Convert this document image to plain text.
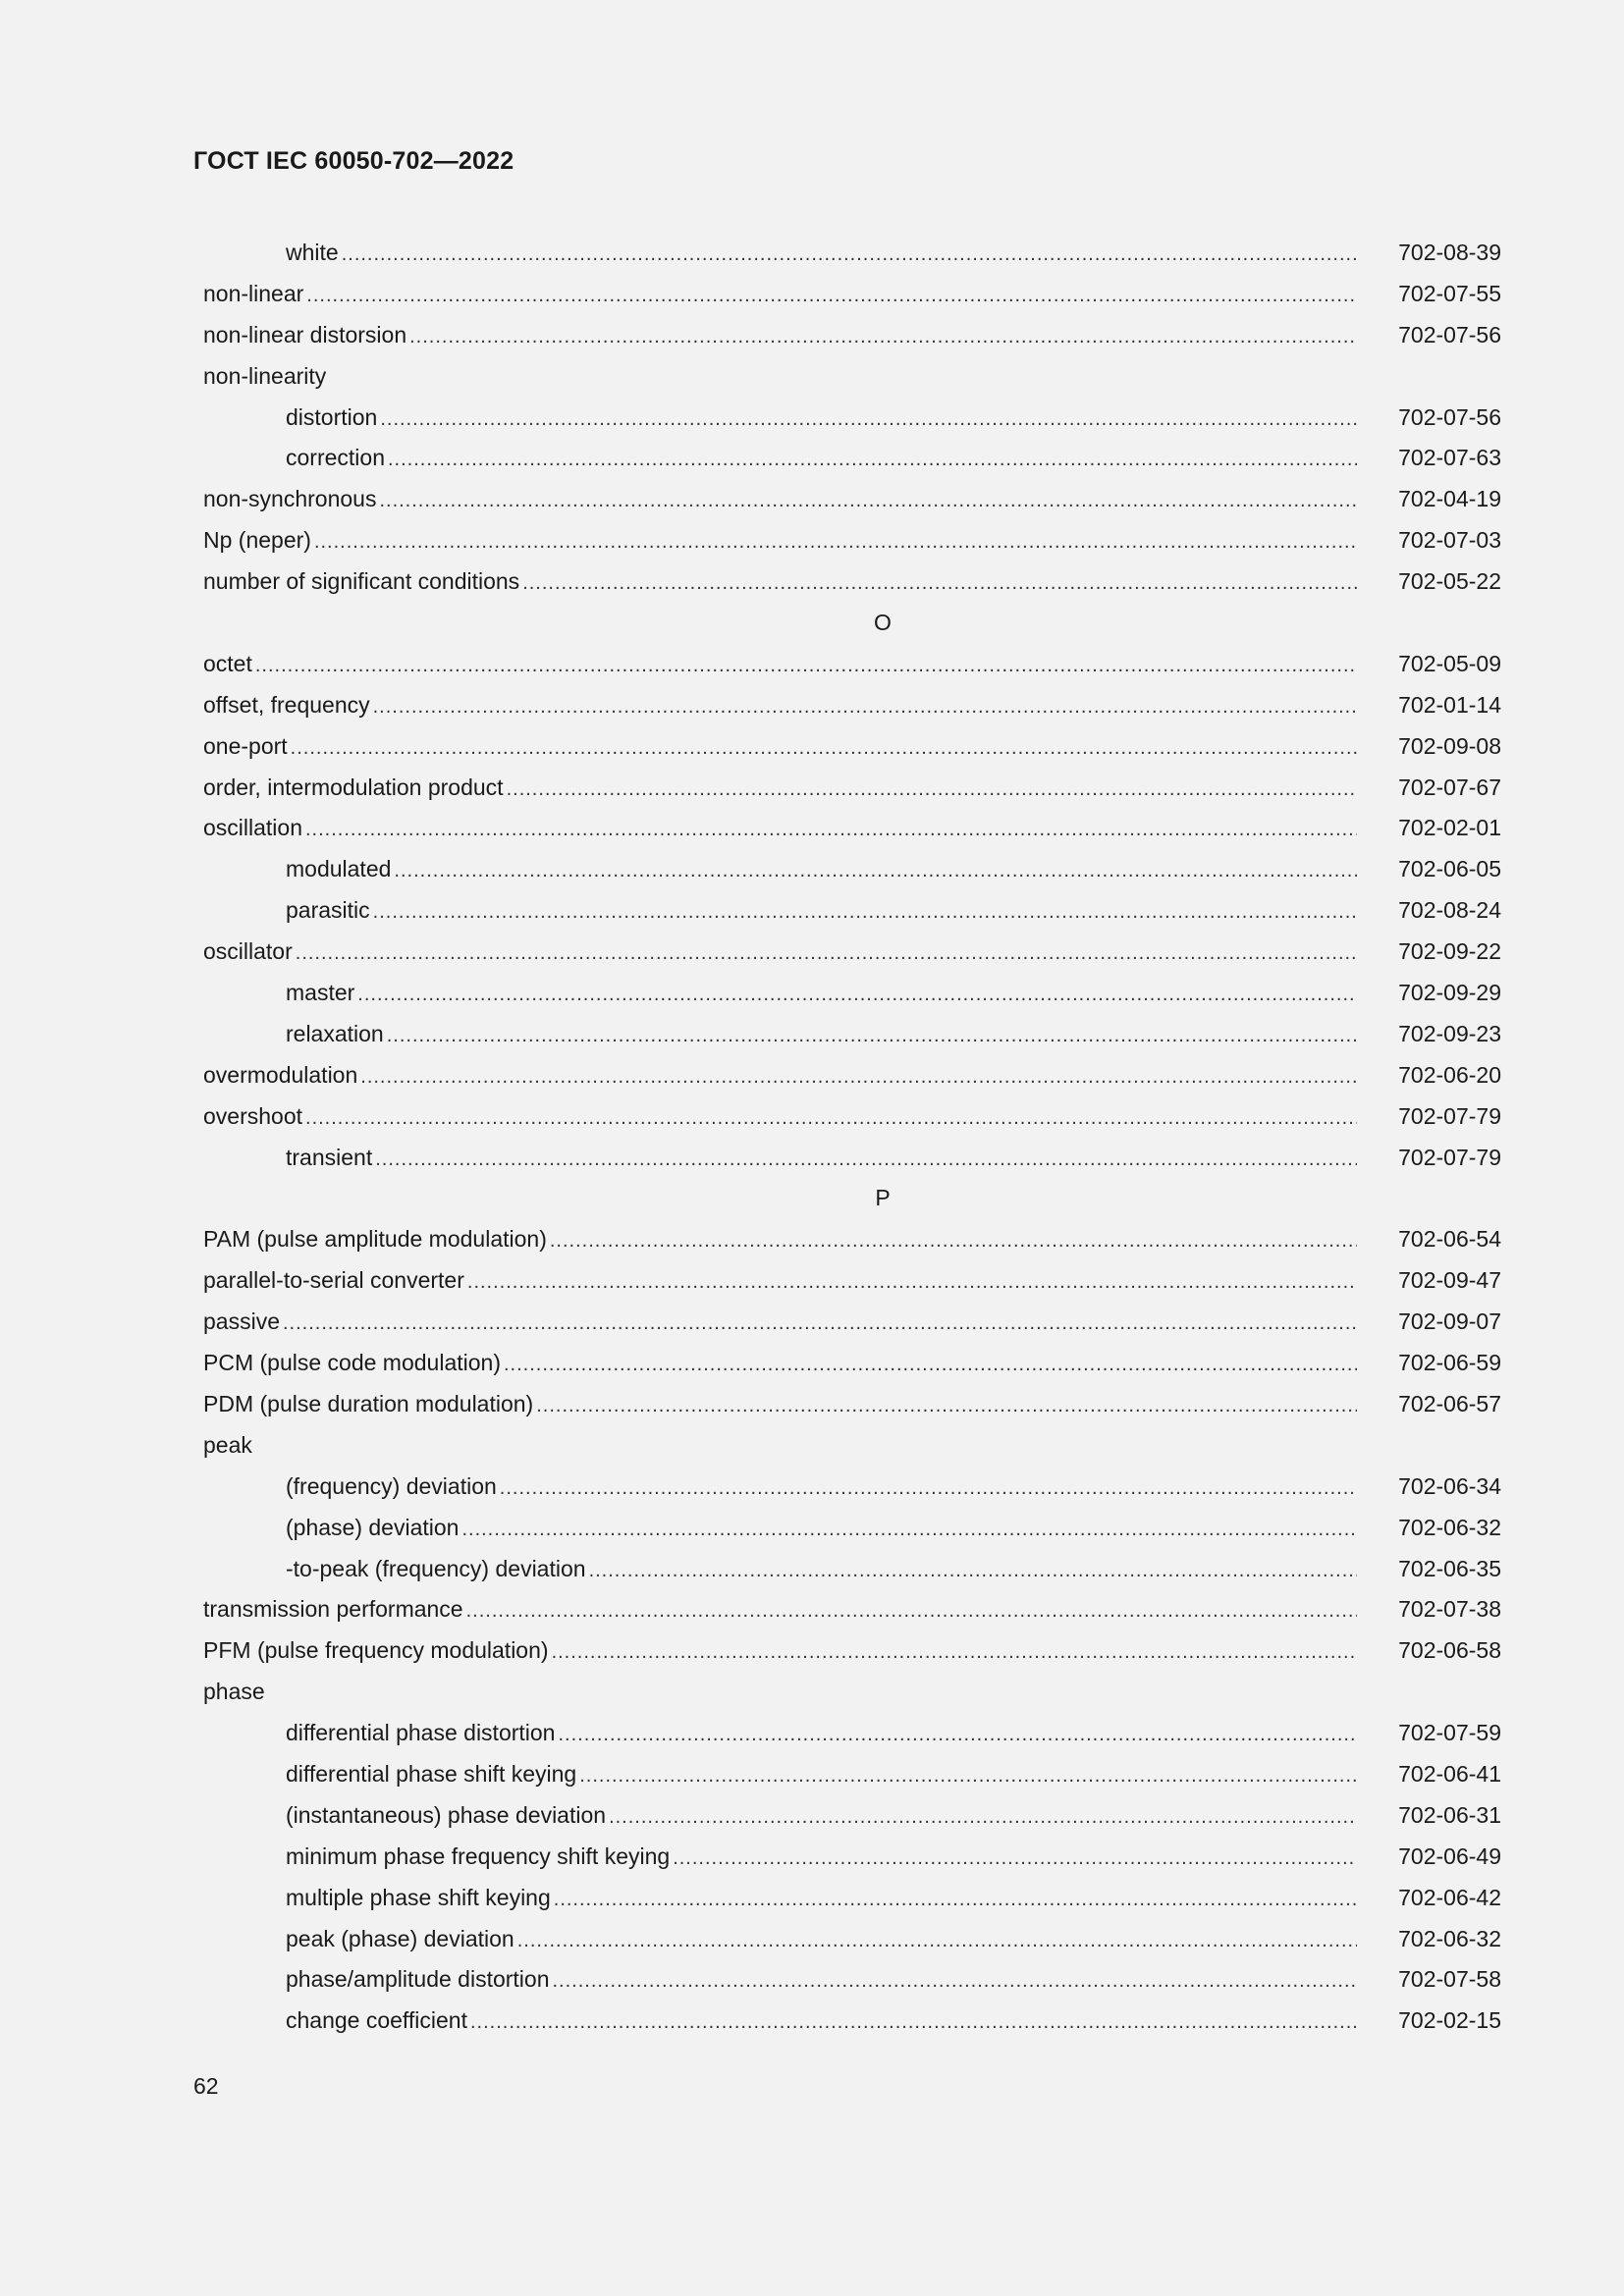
ГОСТ IEC 60050-702—2022
white .....	702-08-39
non-linear .....	702-07-55
non-linear distorsion .....	702-07-56
non-linearity
distortion .....	702-07-56
correction .....	702-07-63
non-synchronous .....	702-04-19
Np (neper) .....	702-07-03
number of significant conditions .....	702-05-22
O
octet .....	702-05-09
offset, frequency .....	702-01-14
one-port .....	702-09-08
order, intermodulation product .....	702-07-67
oscillation .....	702-02-01
modulated .....	702-06-05
parasitic .....	702-08-24
oscillator .....	702-09-22
master .....	702-09-29
relaxation .....	702-09-23
overmodulation .....	702-06-20
overshoot .....	702-07-79
transient .....	702-07-79
P
PAM (pulse amplitude modulation) .....	702-06-54
parallel-to-serial converter .....	702-09-47
passive .....	702-09-07
PCM (pulse code modulation) .....	702-06-59
PDM (pulse duration modulation) .....	702-06-57
peak
(frequency) deviation .....	702-06-34
(phase) deviation .....	702-06-32
-to-peak (frequency) deviation .....	702-06-35
transmission performance .....	702-07-38
PFM (pulse frequency modulation) .....	702-06-58
phase
differential phase distortion .....	702-07-59
differential phase shift keying .....	702-06-41
(instantaneous) phase deviation .....	702-06-31
minimum phase frequency shift keying .....	702-06-49
multiple phase shift keying .....	702-06-42
peak (phase) deviation .....	702-06-32
phase/amplitude distortion .....	702-07-58
change coefficient .....	702-02-15
62
